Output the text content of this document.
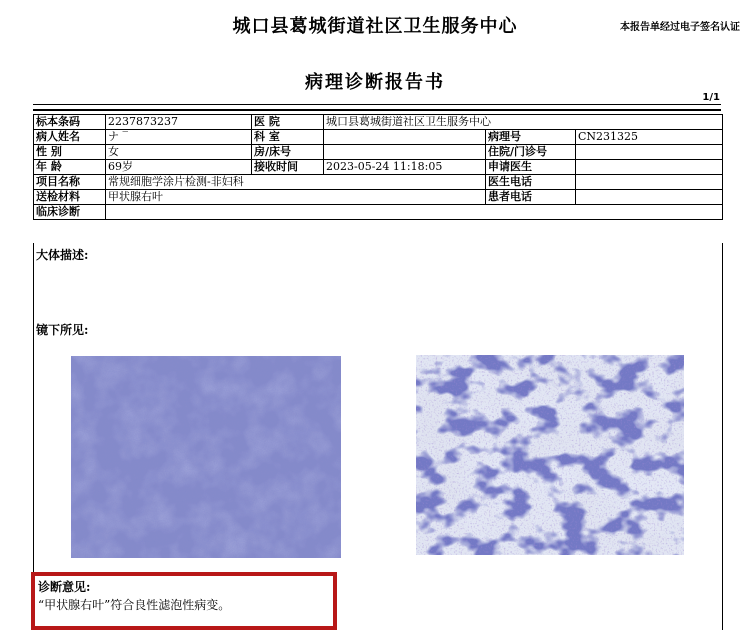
城口县葛城街道社区卫生服务中心	本报告单经过电子签名认证
病理诊断报告书
1/1
标本条码	2237873237	医 院	城口县葛城街道社区卫生服务中心		
病人姓名	ナ ‾	科 室		病理号	CN231325
性 别	女	房/床号		住院/门诊号	
年 龄	69岁	接收时间	2023-05-24 11:18:05	申请医生	
项目名称	常规细胞学涂片检测-非妇科			医生电话	
送检材料	甲状腺右叶			患者电话	
临床诊断					
大体描述:
镜下所见:
诊断意见:
“甲状腺右叶”符合良性滤泡性病变。
